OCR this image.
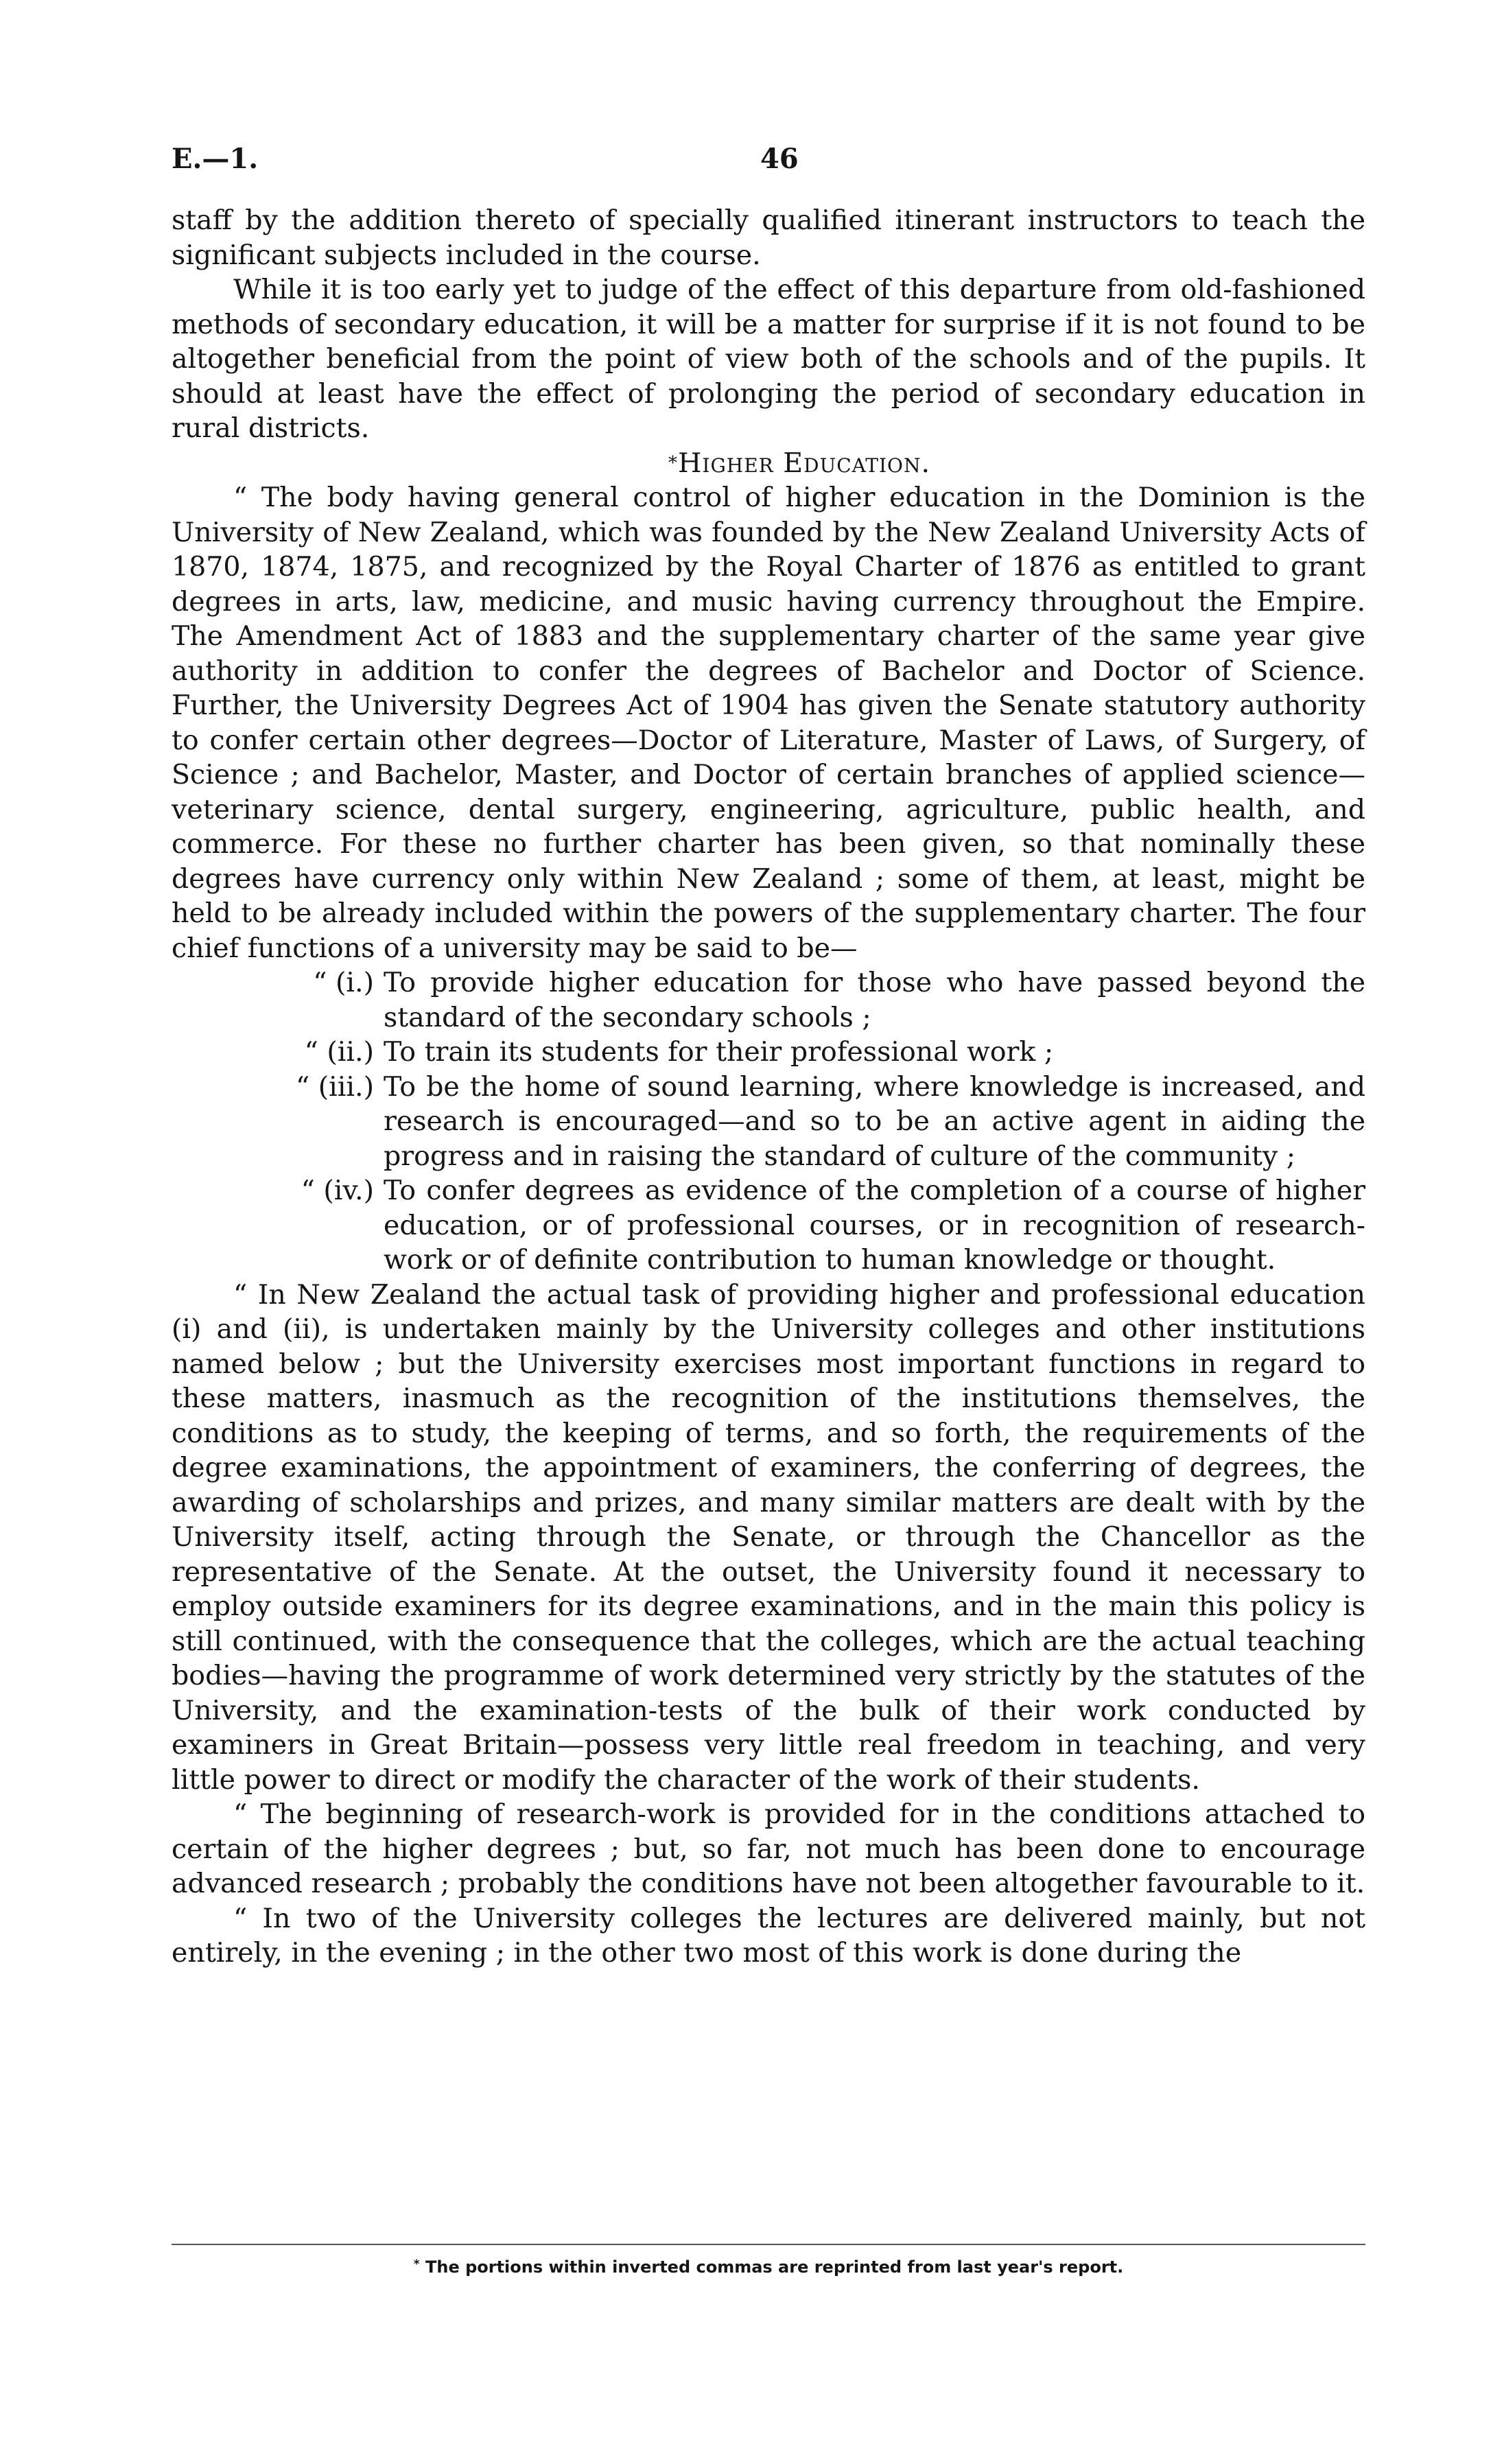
E.—1.	46

staff by the addition thereto of specially qualified itinerant instructors to teach the significant subjects included in the course.

While it is too early yet to judge of the effect of this departure from old-fashioned methods of secondary education, it will be a matter for surprise if it is not found to be altogether beneficial from the point of view both of the schools and of the pupils. It should at least have the effect of prolonging the period of secondary education in rural districts.

*Higher Education.

“ The body having general control of higher education in the Dominion is the University of New Zealand, which was founded by the New Zealand University Acts of 1870, 1874, 1875, and recognized by the Royal Charter of 1876 as entitled to grant degrees in arts, law, medicine, and music having currency throughout the Empire. The Amendment Act of 1883 and the supplementary charter of the same year give authority in addition to confer the degrees of Bachelor and Doctor of Science. Further, the University Degrees Act of 1904 has given the Senate statutory authority to confer certain other degrees—Doctor of Literature, Master of Laws, of Surgery, of Science ; and Bachelor, Master, and Doctor of certain branches of applied science—veterinary science, dental surgery, engineering, agriculture, public health, and commerce. For these no further charter has been given, so that nominally these degrees have currency only within New Zealand ; some of them, at least, might be held to be already included within the powers of the supplementary charter. The four chief functions of a university may be said to be—

“ (i.) To provide higher education for those who have passed beyond the standard of the secondary schools ;
“ (ii.) To train its students for their professional work ;
“ (iii.) To be the home of sound learning, where knowledge is increased, and research is encouraged—and so to be an active agent in aiding the progress and in raising the standard of culture of the community ;
“ (iv.) To confer degrees as evidence of the completion of a course of higher education, or of professional courses, or in recognition of research-work or of definite contribution to human knowledge or thought.

“ In New Zealand the actual task of providing higher and professional education (i) and (ii), is undertaken mainly by the University colleges and other institutions named below ; but the University exercises most important functions in regard to these matters, inasmuch as the recognition of the institutions themselves, the conditions as to study, the keeping of terms, and so forth, the requirements of the degree examinations, the appointment of examiners, the conferring of degrees, the awarding of scholarships and prizes, and many similar matters are dealt with by the University itself, acting through the Senate, or through the Chancellor as the representative of the Senate. At the outset, the University found it necessary to employ outside examiners for its degree examinations, and in the main this policy is still continued, with the consequence that the colleges, which are the actual teaching bodies—having the programme of work determined very strictly by the statutes of the University, and the examination-tests of the bulk of their work conducted by examiners in Great Britain—possess very little real freedom in teaching, and very little power to direct or modify the character of the work of their students.

“ The beginning of research-work is provided for in the conditions attached to certain of the higher degrees ; but, so far, not much has been done to encourage advanced research ; probably the conditions have not been altogether favourable to it.

“ In two of the University colleges the lectures are delivered mainly, but not entirely, in the evening ; in the other two most of this work is done during the

* The portions within inverted commas are reprinted from last year's report.
